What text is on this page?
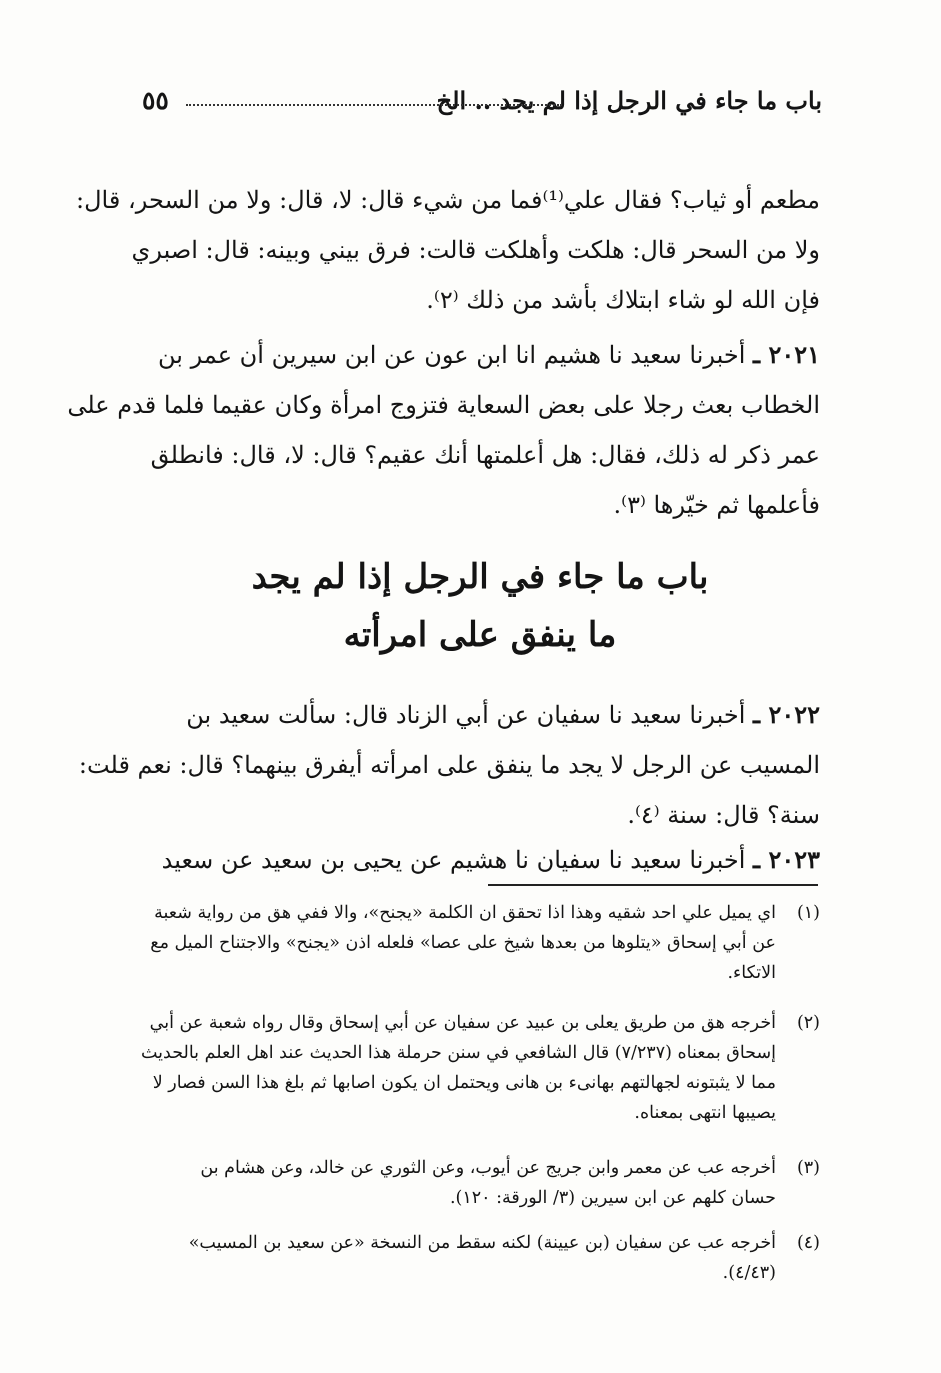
باب ما جاء في الرجل إذا لم يجد .. الخ
٥٥
مطعم أو ثياب؟ فقال علي⁽¹⁾فما من شيء قال: لا، قال: ولا من السحر، قال:
ولا من السحر قال: هلكت وأهلكت قالت: فرق بيني وبينه: قال: اصبري
فإن الله لو شاء ابتلاك بأشد من ذلك ⁽٢⁾.
٢٠٢١ ـ أخبرنا سعيد نا هشيم انا ابن عون عن ابن سيرين أن عمر بن
الخطاب بعث رجلا على بعض السعاية فتزوج امرأة وكان عقيما فلما قدم على
عمر ذكر له ذلك، فقال: هل أعلمتها أنك عقيم؟ قال: لا، قال: فانطلق
فأعلمها ثم خيّرها ⁽٣⁾.
باب ما جاء في الرجل إذا لم يجد
ما ينفق على امرأته
٢٠٢٢ ـ أخبرنا سعيد نا سفيان عن أبي الزناد قال: سألت سعيد بن
المسيب عن الرجل لا يجد ما ينفق على امرأته أيفرق بينهما؟ قال: نعم قلت:
سنة؟ قال: سنة ⁽٤⁾.
٢٠٢٣ ـ أخبرنا سعيد نا سفيان نا هشيم عن يحيى بن سعيد عن سعيد
(١)
اي يميل علي احد شقيه وهذا اذا تحقق ان الكلمة «يجنح»، والا ففي هق من رواية شعبة
عن أبي إسحاق «يتلوها من بعدها شيخ على عصا» فلعله اذن «يجنح» والاجتناح الميل مع
الاتكاء.
(٢)
أخرجه هق من طريق يعلى بن عبيد عن سفيان عن أبي إسحاق وقال رواه شعبة عن أبي
إسحاق بمعناه (٧/٢٣٧) قال الشافعي في سنن حرملة هذا الحديث عند اهل العلم بالحديث
مما لا يثبتونه لجهالتهم بهانىء بن هانى ويحتمل ان يكون اصابها ثم بلغ هذا السن فصار لا
يصيبها انتهى بمعناه.
(٣)
أخرجه عب عن معمر وابن جريج عن أيوب، وعن الثوري عن خالد، وعن هشام بن
حسان كلهم عن ابن سيرين (٣/ الورقة: ١٢٠).
(٤)
أخرجه عب عن سفيان (بن عيينة) لكنه سقط من النسخة «عن سعيد بن المسيب»
(٤/٤٣).
